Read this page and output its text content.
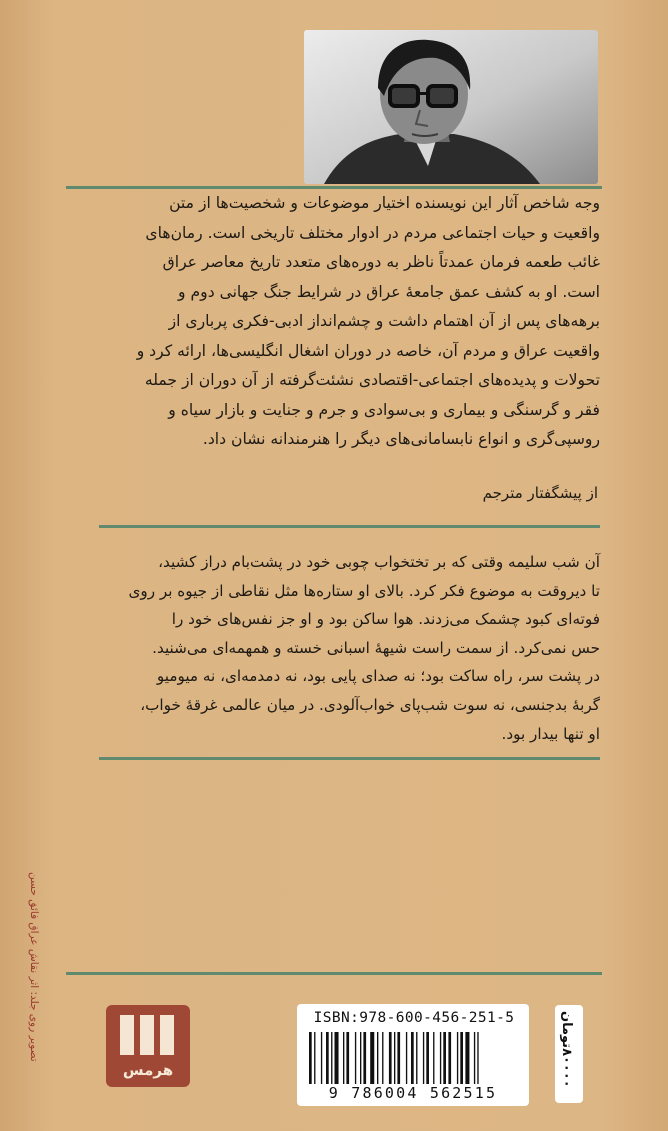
وجه شاخص آثار این نویسنده اختیار موضوعات و شخصیت‌ها از متن
واقعیت و حیات اجتماعی مردم در ادوار مختلف تاریخی است. رمان‌های
غائب طعمه فرمان عمدتاً ناظر به دوره‌های متعدد تاریخ معاصر عراق
است. او به کشف عمق جامعهٔ عراق در شرایط جنگ جهانی دوم و
برهه‌های پس از آن اهتمام داشت و چشم‌انداز ادبی-فکری پرباری از
واقعیت عراق و مردم آن، خاصه در دوران اشغال انگلیسی‌ها، ارائه کرد و
تحولات و پدیده‌های اجتماعی-اقتصادی نشئت‌گرفته از آن دوران از جمله
فقر و گرسنگی و بیماری و بی‌سوادی و جرم و جنایت و بازار سیاه و
روسپی‌گری و انواع نابسامانی‌های دیگر را هنرمندانه نشان داد.
از پیشگفتار مترجم
آن شب سلیمه وقتی که بر تختخواب چوبی خود در پشت‌بام دراز کشید،
تا دیروقت به موضوع فکر کرد. بالای او ستاره‌ها مثل نقاطی از جیوه بر روی
فوته‌ای کبود چشمک می‌زدند. هوا ساکن بود و او جز نفس‌های خود را
حس نمی‌کرد. از سمت راست شیههٔ اسبانی خسته و همهمه‌ای می‌شنید.
در پشت سر، راه ساکت بود؛ نه صدای پایی بود، نه دمدمه‌ای، نه میومیو
گربهٔ بدجنسی، نه سوت شب‌پای خواب‌آلودی. در میان عالمی غرقهٔ خواب،
او تنها بیدار بود.
تصویر روی جلد: اثر نقاش عراق فائق حسن
هرمس
ISBN:978-600-456-251-5
9 786004 562515
۸۰۰۰۰تومان
